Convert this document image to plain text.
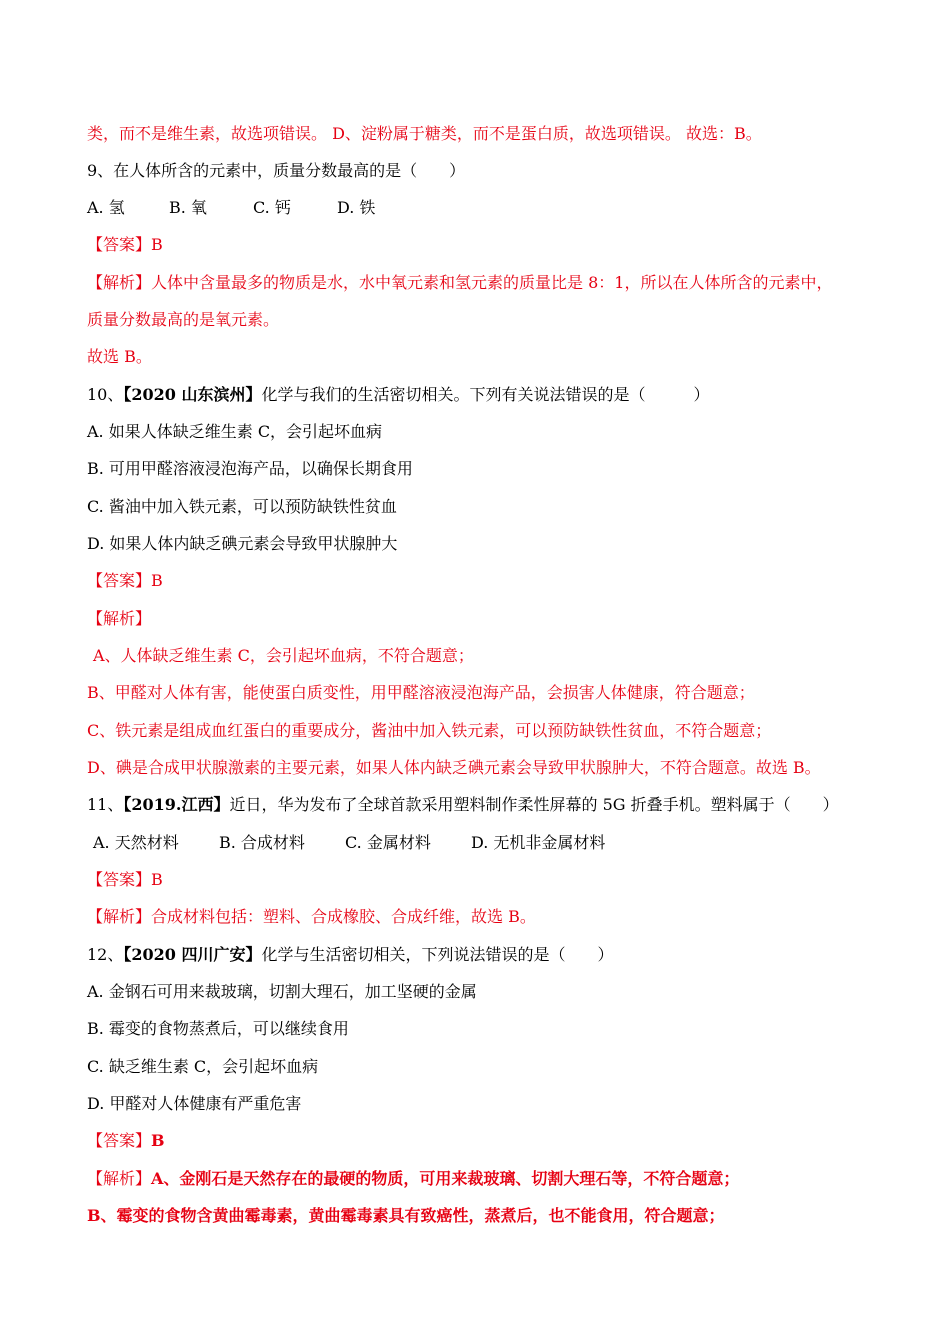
类，而不是维生素，故选项错误。 D、淀粉属于糖类，而不是蛋白质，故选项错误。 故选：B。
9、在人体所含的元素中，质量分数最高的是（　　）
A. 氢	B. 氧	C. 钙	D. 铁
【答案】B
【解析】人体中含量最多的物质是水，水中氧元素和氢元素的质量比是 8：1，所以在人体所含的元素中，
质量分数最高的是氧元素。
故选 B。
10、【2020 山东滨州】化学与我们的生活密切相关。下列有关说法错误的是（　　　）
A. 如果人体缺乏维生素 C，会引起坏血病
B. 可用甲醛溶液浸泡海产品，以确保长期食用
C. 酱油中加入铁元素，可以预防缺铁性贫血
D. 如果人体内缺乏碘元素会导致甲状腺肿大
【答案】B
【解析】
A、人体缺乏维生素 C，会引起坏血病，不符合题意；
B、甲醛对人体有害，能使蛋白质变性，用甲醛溶液浸泡海产品，会损害人体健康，符合题意；
C、铁元素是组成血红蛋白的重要成分，酱油中加入铁元素，可以预防缺铁性贫血，不符合题意；
D、碘是合成甲状腺激素的主要元素，如果人体内缺乏碘元素会导致甲状腺肿大，不符合题意。故选 B。
11、【2019.江西】近日，华为发布了全球首款采用塑料制作柔性屏幕的 5G 折叠手机。塑料属于（　　）
A. 天然材料	B. 合成材料	C. 金属材料	D. 无机非金属材料
【答案】B
【解析】合成材料包括：塑料、合成橡胶、合成纤维，故选 B。
12、【2020 四川广安】化学与生活密切相关，下列说法错误的是（　　）
A. 金钢石可用来裁玻璃，切割大理石，加工坚硬的金属
B. 霉变的食物蒸煮后，可以继续食用
C. 缺乏维生素 C，会引起坏血病
D. 甲醛对人体健康有严重危害
【答案】B
【解析】A、金刚石是天然存在的最硬的物质，可用来裁玻璃、切割大理石等，不符合题意；
B、霉变的食物含黄曲霉毒素，黄曲霉毒素具有致癌性，蒸煮后，也不能食用，符合题意；
